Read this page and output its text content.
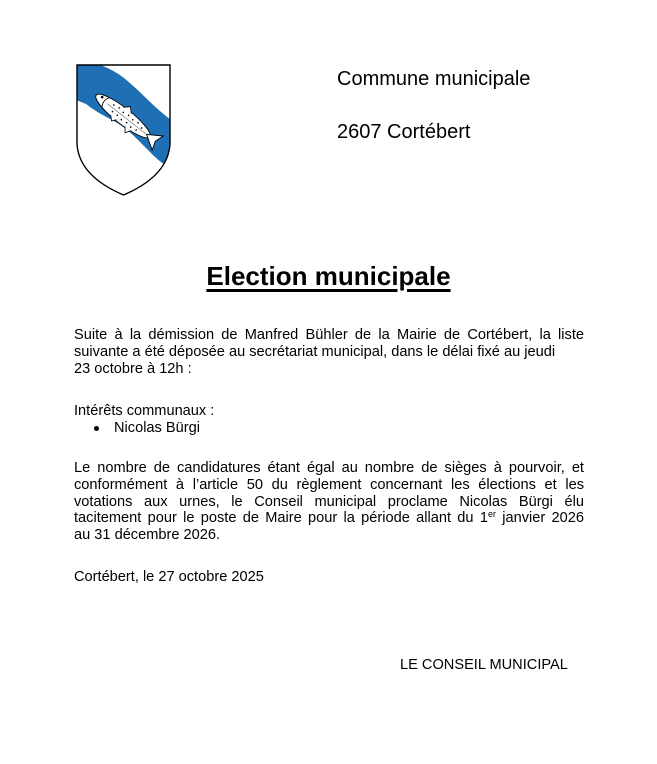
Commune municipale
2607 Cortébert
Election municipale
Suite à la démission de Manfred Bühler de la Mairie de Cortébert, la liste suivante a été déposée au secrétariat municipal, dans le délai fixé au jeudi
23 octobre à 12h :
Intérêts communaux :
Nicolas Bürgi
Le nombre de candidatures étant égal au nombre de sièges à pourvoir, et
conformément à l’article 50 du règlement concernant les élections et les
votations aux urnes, le Conseil municipal proclame Nicolas Bürgi élu
tacitement pour le poste de Maire pour la période allant du 1er janvier 2026
au 31 décembre 2026.
Cortébert, le 27 octobre 2025
LE CONSEIL MUNICIPAL
